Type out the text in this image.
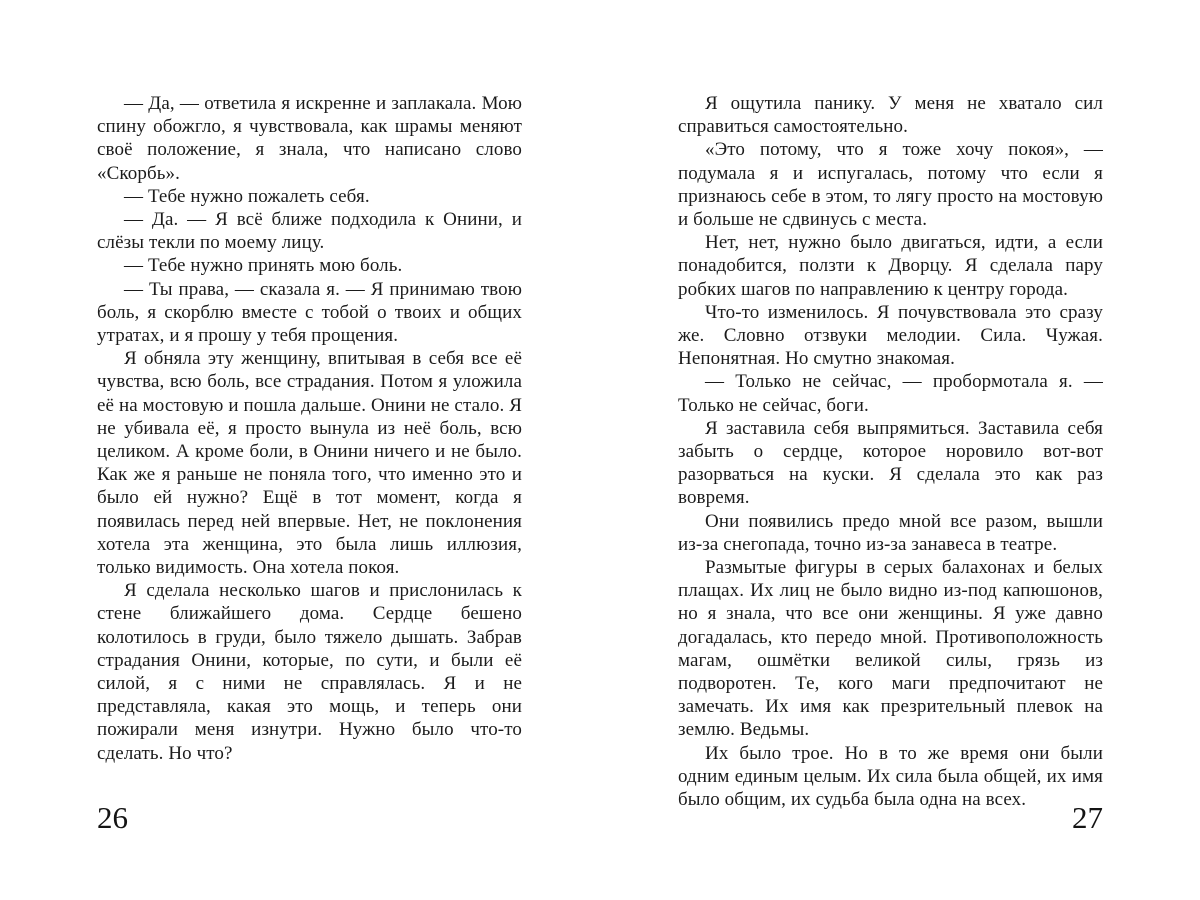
— Да, — ответила я искренне и заплакала. Мою спину обожгло, я чувствовала, как шрамы меняют своё положение, я знала, что написано слово «Скорбь».

— Тебе нужно пожалеть себя.

— Да. — Я всё ближе подходила к Онини, и слёзы текли по моему лицу.

— Тебе нужно принять мою боль.

— Ты права, — сказала я. — Я принимаю твою боль, я скорблю вместе с тобой о твоих и общих утратах, и я прошу у тебя прощения.

Я обняла эту женщину, впитывая в себя все её чувства, всю боль, все страдания. Потом я уложила её на мостовую и пошла дальше. Онини не стало. Я не убивала её, я просто вынула из неё боль, всю целиком. А кроме боли, в Онини ничего и не было. Как же я раньше не поняла того, что именно это и было ей нужно? Ещё в тот момент, когда я появилась перед ней впервые. Нет, не поклонения хотела эта женщина, это была лишь иллюзия, только видимость. Она хотела покоя.

Я сделала несколько шагов и прислонилась к стене ближайшего дома. Сердце бешено колотилось в груди, было тяжело дышать. Забрав страдания Онини, которые, по сути, и были её силой, я с ними не справлялась. Я и не представляла, какая это мощь, и теперь они пожирали меня изнутри. Нужно было что-то сделать. Но что?

26

Я ощутила панику. У меня не хватало сил справиться самостоятельно.

«Это потому, что я тоже хочу покоя», — подумала я и испугалась, потому что если я признаюсь себе в этом, то лягу просто на мостовую и больше не сдвинусь с места.

Нет, нет, нужно было двигаться, идти, а если понадобится, ползти к Дворцу. Я сделала пару робких шагов по направлению к центру города.

Что-то изменилось. Я почувствовала это сразу же. Словно отзвуки мелодии. Сила. Чужая. Непонятная. Но смутно знакомая.

— Только не сейчас, — пробормотала я. — Только не сейчас, боги.

Я заставила себя выпрямиться. Заставила себя забыть о сердце, которое норовило вот-вот разорваться на куски. Я сделала это как раз вовремя.

Они появились предо мной все разом, вышли из-за снегопада, точно из-за занавеса в театре.

Размытые фигуры в серых балахонах и белых плащах. Их лиц не было видно из-под капюшонов, но я знала, что все они женщины. Я уже давно догадалась, кто передо мной. Противоположность магам, ошмётки великой силы, грязь из подворотен. Те, кого маги предпочитают не замечать. Их имя как презрительный плевок на землю. Ведьмы.

Их было трое. Но в то же время они были одним единым целым. Их сила была общей, их имя было общим, их судьба была одна на всех.

27
